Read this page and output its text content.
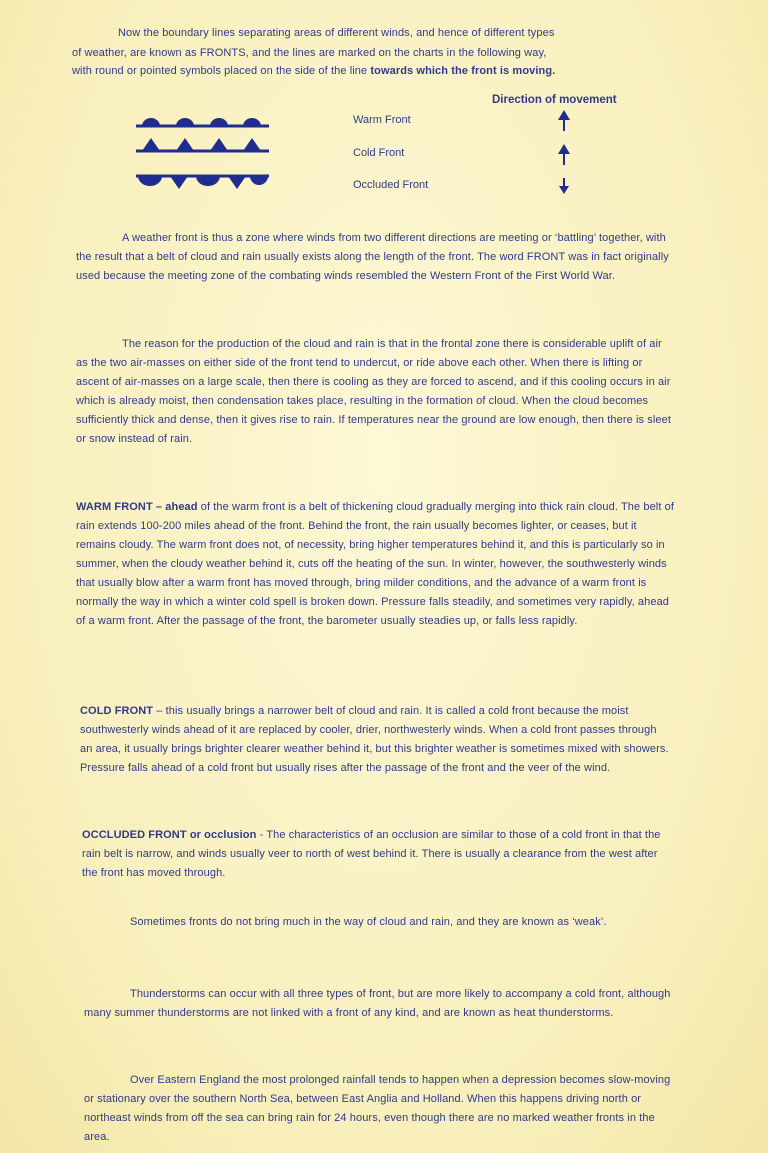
Now the boundary lines separating areas of different winds, and hence of different types

of weather, are known as FRONTS, and the lines are marked on the charts in the following way,

with round or pointed symbols placed on the side of the line towards which the front is moving.

Direction of movement
Warm Front
Cold Front
Occluded Front

A weather front is thus a zone where winds from two different directions are meeting or ‘battling’ together, with the result that a belt of cloud and rain usually exists along the length of the front. The word FRONT was in fact originally used because the meeting zone of the combating winds resembled the Western Front of the First World War.

The reason for the production of the cloud and rain is that in the frontal zone there is considerable uplift of air as the two air-masses on either side of the front tend to undercut, or ride above each other. When there is lifting or ascent of air-masses on a large scale, then there is cooling as they are forced to ascend, and if this cooling occurs in air which is already moist, then condensation takes place, resulting in the formation of cloud. When the cloud becomes sufficiently thick and dense, then it gives rise to rain. If temperatures near the ground are low enough, then there is sleet or snow instead of rain.

WARM FRONT – ahead of the warm front is a belt of thickening cloud gradually merging into thick rain cloud. The belt of rain extends 100-200 miles ahead of the front. Behind the front, the rain usually becomes lighter, or ceases, but it remains cloudy. The warm front does not, of necessity, bring higher temperatures behind it, and this is particularly so in summer, when the cloudy weather behind it, cuts off the heating of the sun. In winter, however, the southwesterly winds that usually blow after a warm front has moved through, bring milder conditions, and the advance of a warm front is normally the way in which a winter cold spell is broken down. Pressure falls steadily, and sometimes very rapidly, ahead of a warm front. After the passage of the front, the barometer usually steadies up, or falls less rapidly.

COLD FRONT – this usually brings a narrower belt of cloud and rain. It is called a cold front because the moist southwesterly winds ahead of it are replaced by cooler, drier, northwesterly winds. When a cold front passes through an area, it usually brings brighter clearer weather behind it, but this brighter weather is sometimes mixed with showers. Pressure falls ahead of a cold front but usually rises after the passage of the front and the veer of the wind.

OCCLUDED FRONT or occlusion - The characteristics of an occlusion are similar to those of a cold front in that the rain belt is narrow, and winds usually veer to north of west behind it. There is usually a clearance from the west after the front has moved through.

Sometimes fronts do not bring much in the way of cloud and rain, and they are known as ‘weak’.

Thunderstorms can occur with all three types of front, but are more likely to accompany a cold front, although many summer thunderstorms are not linked with a front of any kind, and are known as heat thunderstorms.

Over Eastern England the most prolonged rainfall tends to happen when a depression becomes slow-moving or stationary over the southern North Sea, between East Anglia and Holland. When this happens driving north or northeast winds from off the sea can bring rain for 24 hours, even though there are no marked weather fronts in the area.
